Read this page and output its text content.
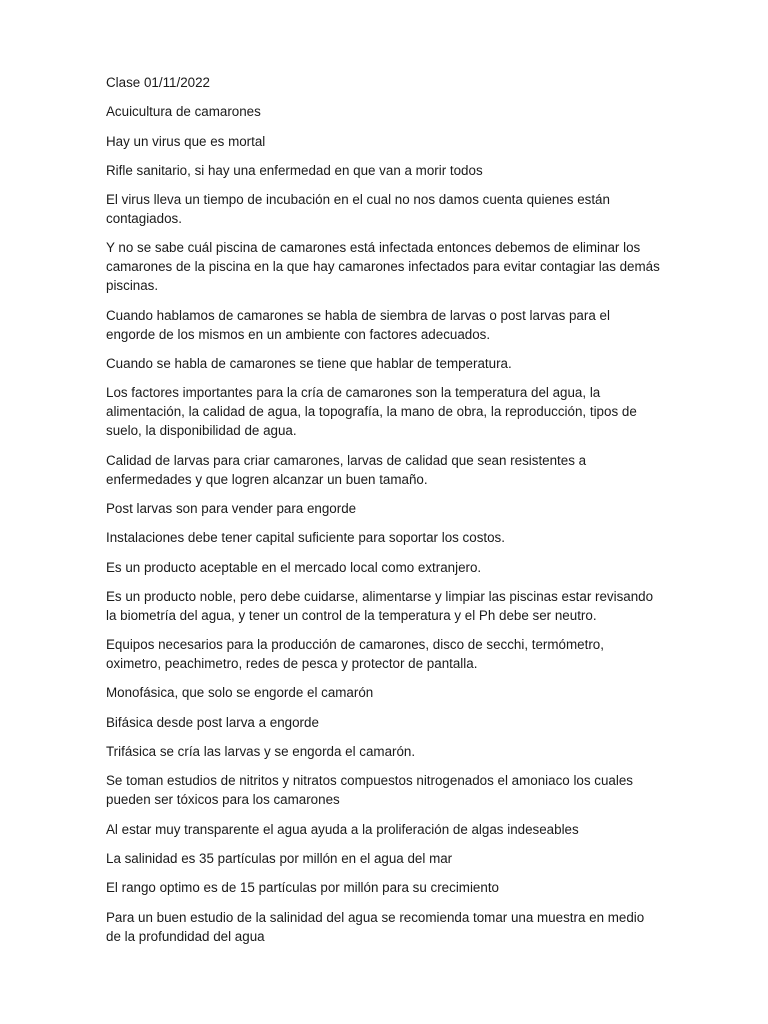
Clase 01/11/2022

Acuicultura de camarones

Hay un virus que es mortal

Rifle sanitario, si hay una enfermedad en que van a morir todos

El virus lleva un tiempo de incubación en el cual no nos damos cuenta quienes están contagiados.

Y no se sabe cuál piscina de camarones está infectada entonces debemos de eliminar los camarones de la piscina en la que hay camarones infectados para evitar contagiar las demás piscinas.

Cuando hablamos de camarones se habla de siembra de larvas o post larvas para el engorde de los mismos en un ambiente con factores adecuados.

Cuando se habla de camarones se tiene que hablar de temperatura.

Los factores importantes para la cría de camarones son la temperatura del agua, la alimentación, la calidad de agua, la topografía, la mano de obra, la reproducción, tipos de suelo, la disponibilidad de agua.

Calidad de larvas para criar camarones, larvas de calidad que sean resistentes a enfermedades y que logren alcanzar un buen tamaño.

Post larvas son para vender para engorde

Instalaciones debe tener capital suficiente para soportar los costos.

Es un producto aceptable en el mercado local como extranjero.

Es un producto noble, pero debe cuidarse, alimentarse y limpiar las piscinas estar revisando la biometría del agua, y tener un control de la temperatura y el Ph debe ser neutro.

Equipos necesarios para la producción de camarones, disco de secchi, termómetro, oximetro, peachimetro, redes de pesca y protector de pantalla.

Monofásica, que solo se engorde el camarón

Bifásica desde post larva a engorde

Trifásica se cría las larvas y se engorda el camarón.

Se toman estudios de nitritos y nitratos compuestos nitrogenados el amoniaco los cuales pueden ser tóxicos para los camarones

Al estar muy transparente el agua ayuda a la proliferación de algas indeseables

La salinidad es 35 partículas por millón en el agua del mar

El rango optimo es de 15 partículas por millón para su crecimiento

Para un buen estudio de la salinidad del agua se recomienda tomar una muestra en medio de la profundidad del agua
